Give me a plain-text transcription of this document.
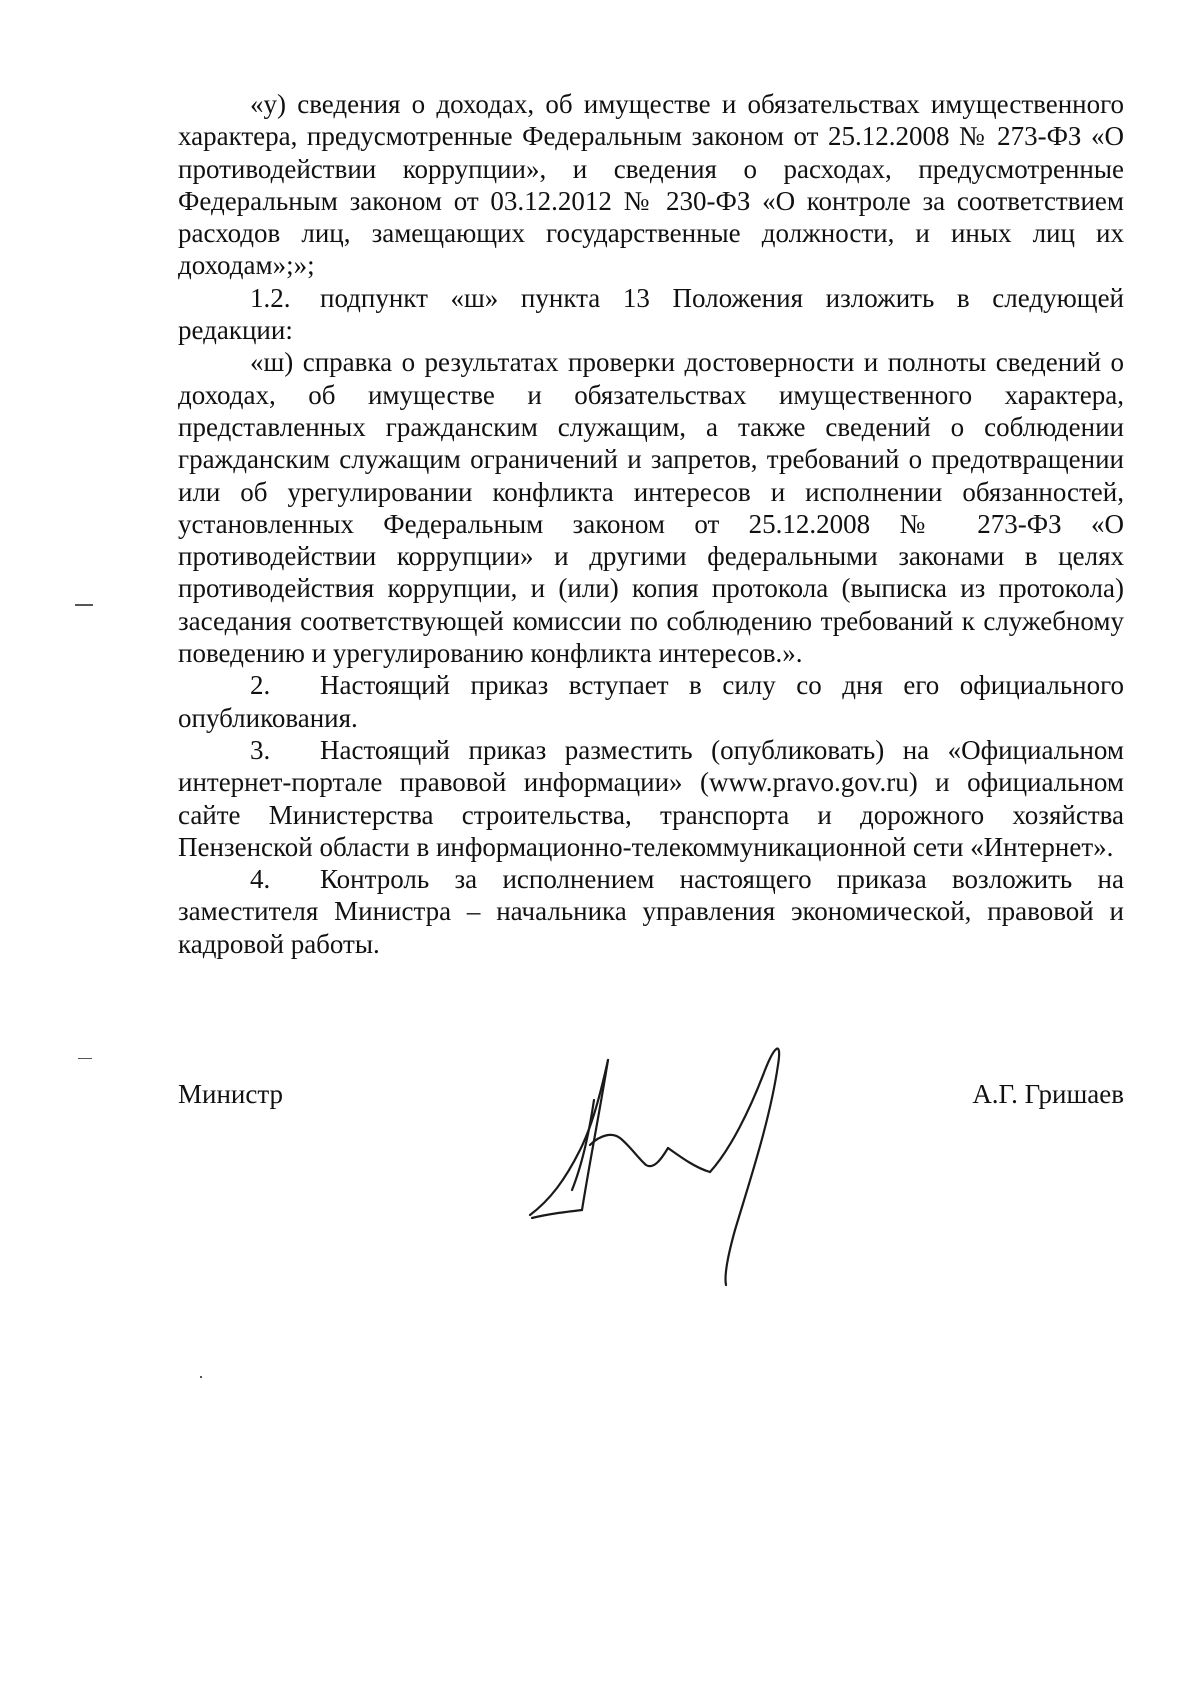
«у) сведения о доходах, об имуществе и обязательствах имущественного характера, предусмотренные Федеральным законом от 25.12.2008 № 273-ФЗ «О противодействии коррупции», и сведения о расходах, предусмотренные Федеральным законом от 03.12.2012 № 230-ФЗ «О контроле за соответствием расходов лиц, замещающих государственные должности, и иных лиц их доходам»;»;

1.2. подпункт «ш» пункта 13 Положения изложить в следующей редакции:

«ш) справка о результатах проверки достоверности и полноты сведений о доходах, об имуществе и обязательствах имущественного характера, представленных гражданским служащим, а также сведений о соблюдении гражданским служащим ограничений и запретов, требований о предотвращении или об урегулировании конфликта интересов и исполнении обязанностей, установленных Федеральным законом от 25.12.2008 № 273-ФЗ «О противодействии коррупции» и другими федеральными законами в целях противодействия коррупции, и (или) копия протокола (выписка из протокола) заседания соответствующей комиссии по соблюдению требований к служебному поведению и урегулированию конфликта интересов.».

2. Настоящий приказ вступает в силу со дня его официального опубликования.

3. Настоящий приказ разместить (опубликовать) на «Официальном интернет-портале правовой информации» (www.pravo.gov.ru) и официальном сайте Министерства строительства, транспорта и дорожного хозяйства Пензенской области в информационно-телекоммуникационной сети «Интернет».

4. Контроль за исполнением настоящего приказа возложить на заместителя Министра – начальника управления экономической, правовой и кадровой работы.

Министр	А.Г. Гришаев
